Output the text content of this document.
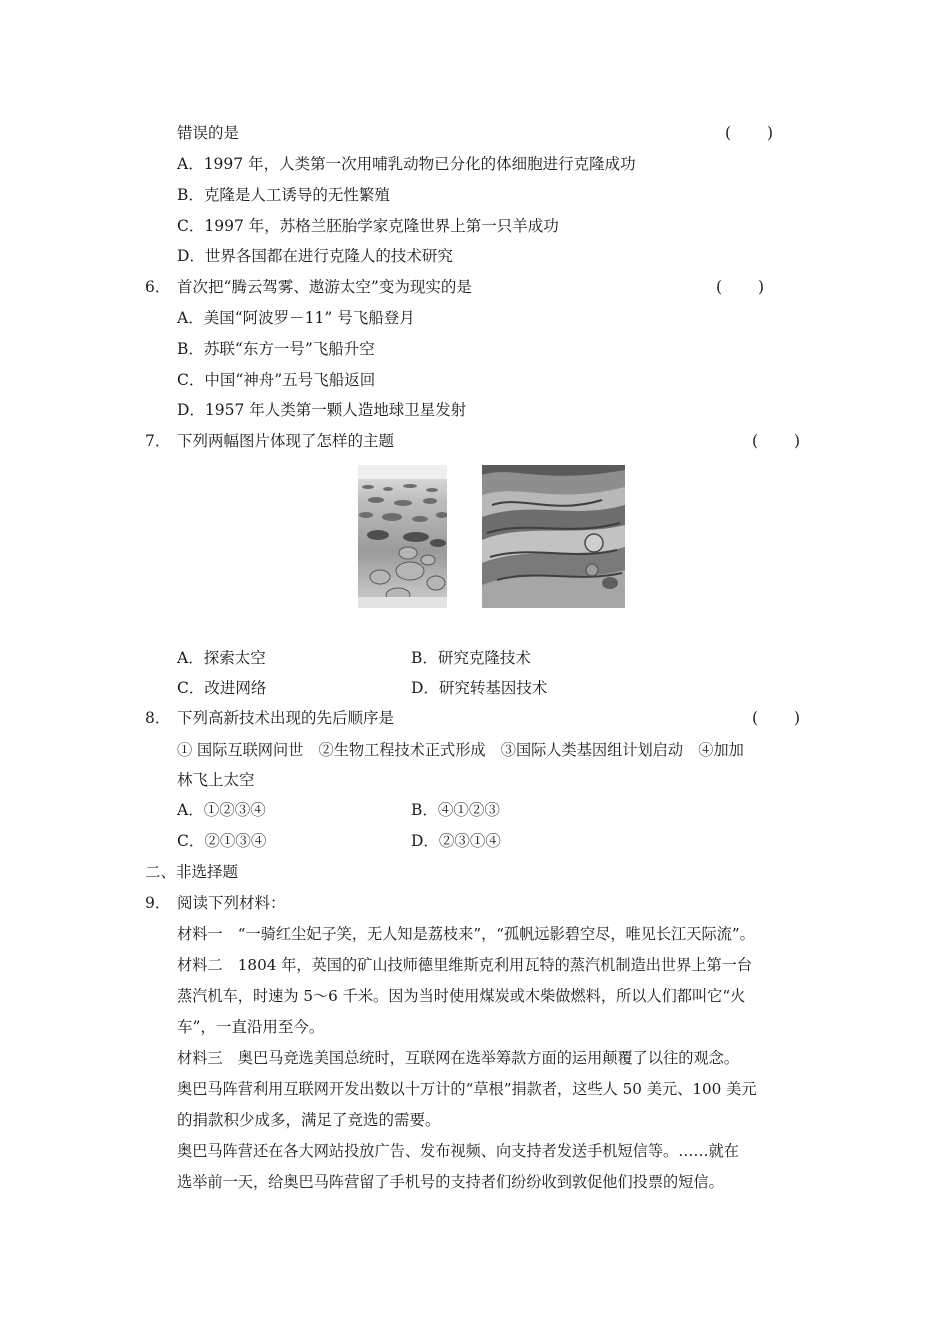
错误的是	(　 　)
A．1997 年，人类第一次用哺乳动物已分化的体细胞进行克隆成功
B．克隆是人工诱导的无性繁殖
C．1997 年，苏格兰胚胎学家克隆世界上第一只羊成功
D．世界各国都在进行克隆人的技术研究
6． 首次把“腾云驾雾、遨游太空”变为现实的是	(　 　)
A．美国“阿波罗－11” 号飞船登月
B．苏联“东方一号”飞船升空
C．中国“神舟”五号飞船返回
D．1957 年人类第一颗人造地球卫星发射
7． 下列两幅图片体现了怎样的主题	(　 　)
A．探索太空	B．研究克隆技术
C．改进网络	D．研究转基因技术
8． 下列高新技术出现的先后顺序是	(　 　)
① 国际互联网问世　②生物工程技术正式形成　③国际人类基因组计划启动　④加加
林飞上太空
A．①②③④	B．④①②③
C．②①③④	D．②③①④
二、非选择题
9． 阅读下列材料：
材料一　“一骑红尘妃子笑，无人知是荔枝来”，“孤帆远影碧空尽，唯见长江天际流”。
材料二　1804 年，英国的矿山技师德里维斯克利用瓦特的蒸汽机制造出世界上第一台
蒸汽机车，时速为 5～6 千米。因为当时使用煤炭或木柴做燃料，所以人们都叫它“火
车”，一直沿用至今。
材料三　奥巴马竞选美国总统时，互联网在选举筹款方面的运用颠覆了以往的观念。
奥巴马阵营利用互联网开发出数以十万计的“草根”捐款者，这些人 50 美元、100 美元
的捐款积少成多，满足了竞选的需要。
奥巴马阵营还在各大网站投放广告、发布视频、向支持者发送手机短信等。……就在
选举前一天，给奥巴马阵营留了手机号的支持者们纷纷收到敦促他们投票的短信。
